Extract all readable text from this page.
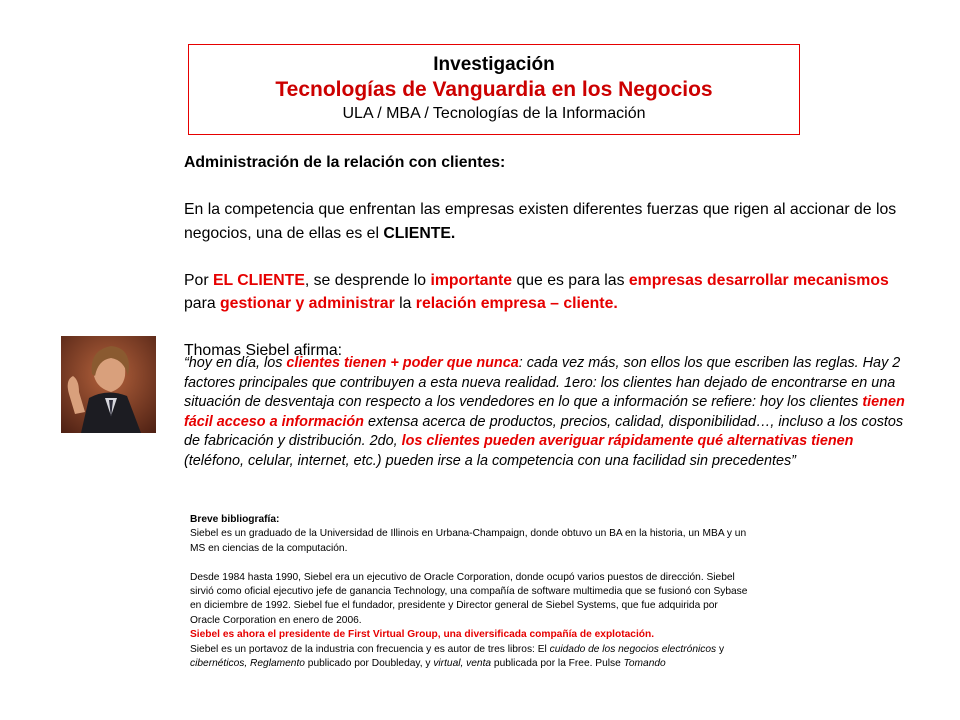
Investigación
Tecnologías de Vanguardia en los Negocios
ULA / MBA / Tecnologías de la Información

Administración de la relación con clientes:

En la competencia que enfrentan las empresas existen diferentes fuerzas que rigen al accionar de los negocios, una de ellas es el CLIENTE.

Por EL CLIENTE, se desprende lo importante que es para las empresas desarrollar mecanismos para gestionar y administrar la relación empresa – cliente.

Thomas Siebel afirma:

“hoy en día, los clientes tienen + poder que nunca: cada vez más, son ellos los que escriben las reglas. Hay 2 factores principales que contribuyen a esta nueva realidad. 1ero: los clientes han dejado de encontrarse en una situación de desventaja con respecto a los vendedores en lo que a información se refiere: hoy los clientes tienen fácil acceso a información extensa acerca de productos, precios, calidad, disponibilidad…, incluso a los costos de fabricación y distribución. 2do, los clientes pueden averiguar rápidamente qué alternativas tienen (teléfono, celular, internet, etc.) pueden irse a la competencia con una facilidad sin precedentes”

Breve bibliografía:

Siebel es un graduado de la Universidad de Illinois en Urbana-Champaign, donde obtuvo un BA en la historia, un MBA y un MS en ciencias de la computación.

Desde 1984 hasta 1990, Siebel era un ejecutivo de Oracle Corporation, donde ocupó varios puestos de dirección. Siebel sirvió como oficial ejecutivo jefe de ganancia Technology, una compañía de software multimedia que se fusionó con Sybase en diciembre de 1992. Siebel fue el fundador, presidente y Director general de Siebel Systems, que fue adquirida por Oracle Corporation en enero de 2006.

Siebel es ahora el presidente de First Virtual Group, una diversificada compañía de explotación.

Siebel es un portavoz de la industria con frecuencia y es autor de tres libros: El cuidado de los negocios electrónicos y cibernéticos, Reglamento publicado por Doubleday, y virtual, venta publicada por la Free. Pulse Tomando
